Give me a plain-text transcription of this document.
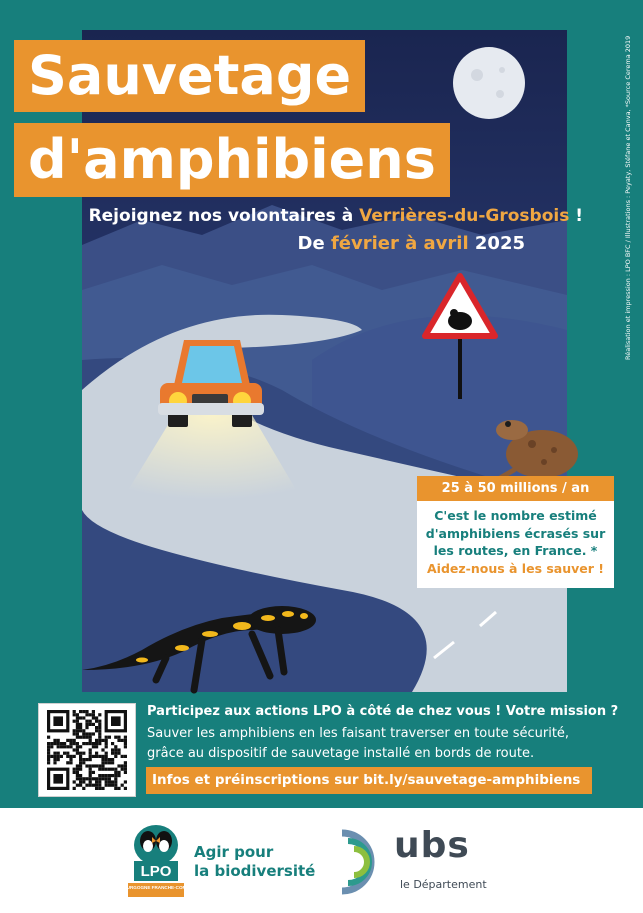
Sauvetage
d'amphibiens
Rejoignez nos volontaires à Verrières-du-Grosbois !
De février à avril 2025	Réalisation et impression : LPO BFC / Illustrations : Peyaty, Stéfane et Canva, *Source Cerema 2019
25 à 50 millions / an
C'est le nombre estimé d'amphibiens écrasés sur les routes, en France. *
Aidez-nous à les sauver !
Participez aux actions LPO à côté de chez vous ! Votre mission ?
Sauver les amphibiens en les faisant traverser en toute sécurité, grâce au dispositif de sauvetage installé en bords de route.
Infos et préinscriptions sur bit.ly/sauvetage-amphibiens
LPO
BOURGOGNE FRANCHE-COMTÉ
Agir pour
la biodiversité
ubs
le Département
